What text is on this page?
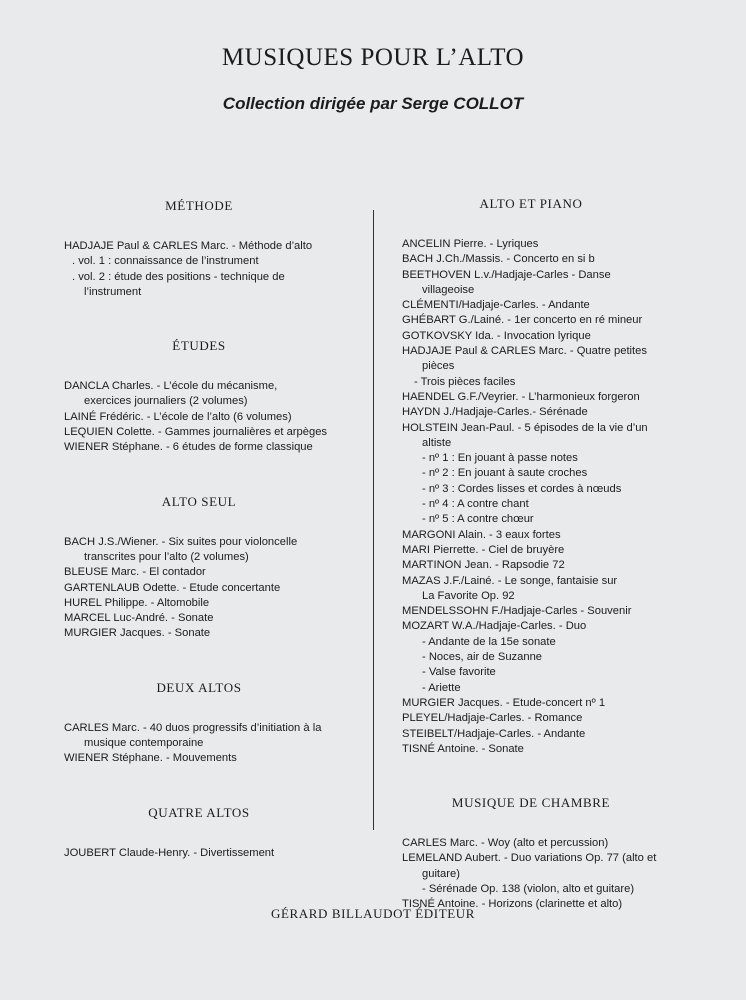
MUSIQUES POUR L’ALTO
Collection dirigée par Serge COLLOT
MÉTHODE
HADJAJE Paul & CARLES Marc. - Méthode d’alto
. vol. 1 : connaissance de l’instrument
. vol. 2 : étude des positions - technique de
l’instrument
ÉTUDES
DANCLA Charles. - L’école du mécanisme,
exercices journaliers (2 volumes)
LAINÉ Frédéric. - L’école de l’alto (6 volumes)
LEQUIEN Colette. - Gammes journalières et arpèges
WIENER Stéphane. - 6 études de forme classique
ALTO SEUL
BACH J.S./Wiener. - Six suites pour violoncelle
transcrites pour l’alto (2 volumes)
BLEUSE Marc. - El contador
GARTENLAUB Odette. - Etude concertante
HUREL Philippe. - Altomobile
MARCEL Luc-André. - Sonate
MURGIER Jacques. - Sonate
DEUX ALTOS
CARLES Marc. - 40 duos progressifs d’initiation à la
musique contemporaine
WIENER Stéphane. - Mouvements
QUATRE ALTOS
JOUBERT Claude-Henry. - Divertissement
ALTO ET PIANO
ANCELIN Pierre. - Lyriques
BACH J.Ch./Massis. - Concerto en si b
BEETHOVEN L.v./Hadjaje-Carles - Danse
villageoise
CLÉMENTI/Hadjaje-Carles. - Andante
GHÉBART G./Lainé. - 1er concerto en ré mineur
GOTKOVSKY Ida. - Invocation lyrique
HADJAJE Paul & CARLES Marc. - Quatre petites
pièces
- Trois pièces faciles
HAENDEL G.F./Veyrier. - L’harmonieux forgeron
HAYDN J./Hadjaje-Carles.- Sérénade
HOLSTEIN Jean-Paul. - 5 épisodes de la vie d’un
altiste
- nº 1 : En jouant à passe notes
- nº 2 : En jouant à saute croches
- nº 3 : Cordes lisses et cordes à nœuds
- nº 4 : A contre chant
- nº 5 : A contre chœur
MARGONI Alain. - 3 eaux fortes
MARI Pierrette. - Ciel de bruyère
MARTINON Jean. - Rapsodie 72
MAZAS J.F./Lainé. - Le songe, fantaisie sur
La Favorite Op. 92
MENDELSSOHN F./Hadjaje-Carles - Souvenir
MOZART W.A./Hadjaje-Carles. - Duo
- Andante de la 15e sonate
- Noces, air de Suzanne
- Valse favorite
- Ariette
MURGIER Jacques. - Etude-concert nº 1
PLEYEL/Hadjaje-Carles. - Romance
STEIBELT/Hadjaje-Carles. - Andante
TISNÉ Antoine. - Sonate
MUSIQUE DE CHAMBRE
CARLES Marc. - Woy (alto et percussion)
LEMELAND Aubert. - Duo variations Op. 77 (alto et
guitare)
- Sérénade Op. 138 (violon, alto et guitare)
TISNÉ Antoine. - Horizons (clarinette et alto)
GÉRARD BILLAUDOT ÉDITEUR
